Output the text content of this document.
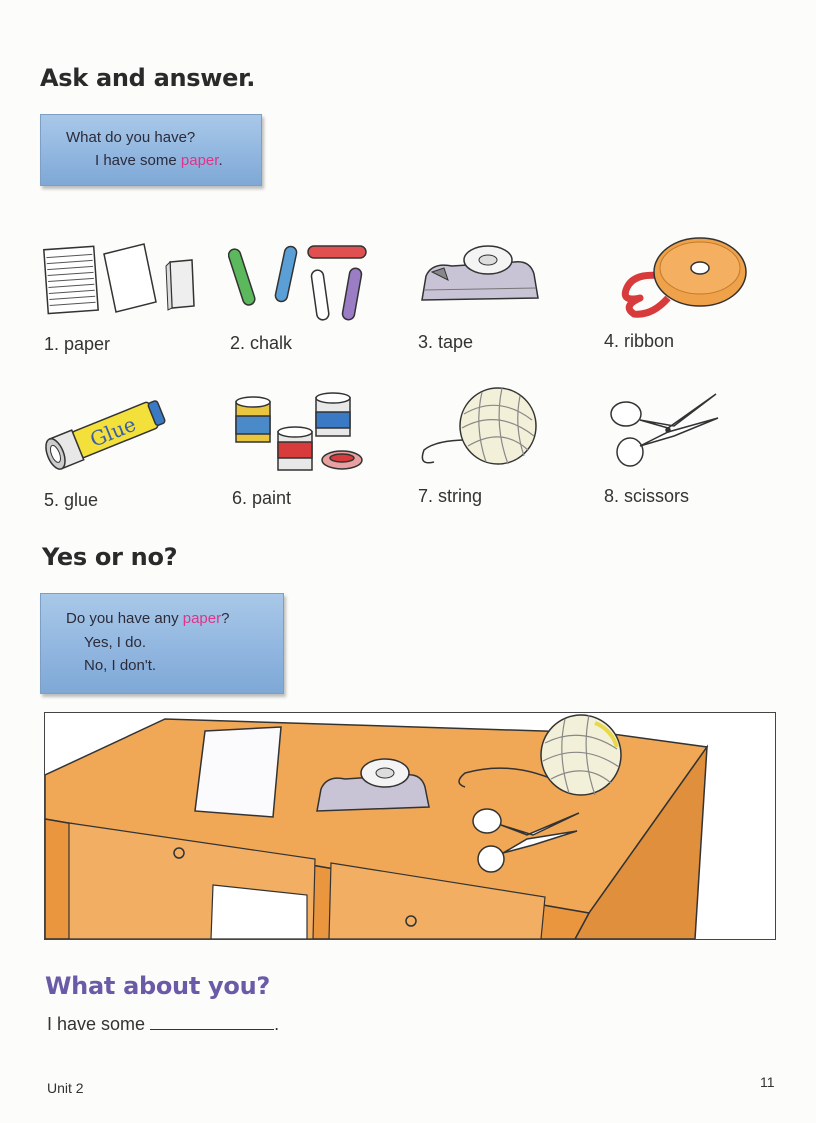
Ask and answer.
What do you have?
I have some paper.
1. paper	2. chalk	3. tape	4. ribbon
Glue
5. glue	6. paint	7. string	8. scissors
Yes or no?
Do you have any paper?
Yes, I do.
No, I don't.
What about you?
I have some	.
Unit 2	11
